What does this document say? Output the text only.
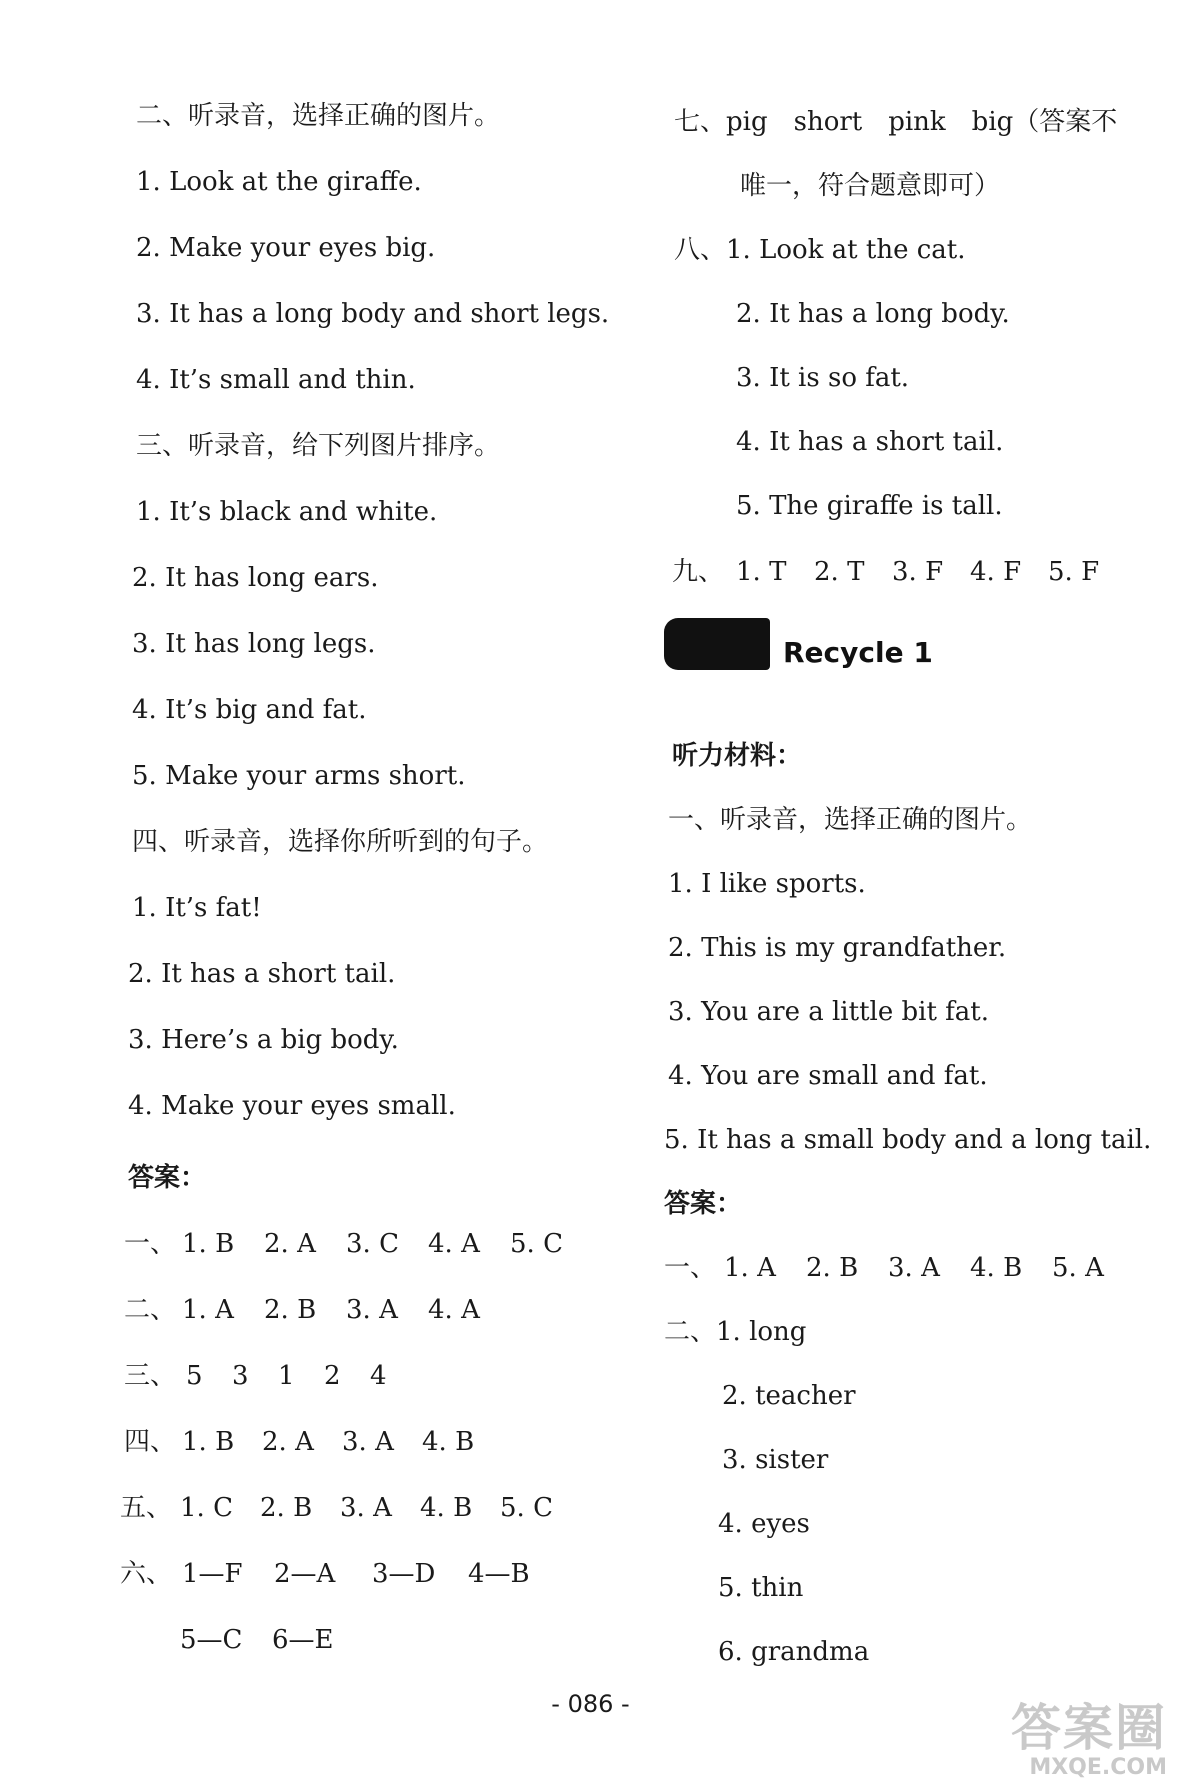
二、听录音，选择正确的图片。
1. Look at the giraffe.
2. Make your eyes big.
3. It has a long body and short legs.
4. It’s small and thin.
三、听录音，给下列图片排序。
1. It’s black and white.
2. It has long ears.
3. It has long legs.
4. It’s big and fat.
5. Make your arms short.
四、听录音，选择你所听到的句子。
1. It’s fat!
2. It has a short tail.
3. Here’s a big body.
4. Make your eyes small.
答案：
一、 1. B 2. A 3. C 4. A 5. C
二、 1. A 2. B 3. A 4. A
三、 5 3 1 2 4
四、 1. B 2. A 3. A 4. B
五、 1. C 2. B 3. A 4. B 5. C
六、 1—F 2—A 3—D 4—B
5—C 6—E
七、pig　short　pink　big（答案不
唯一，符合题意即可）
八、1. Look at the cat.
2. It has a long body.
3. It is so fat.
4. It has a short tail.
5. The giraffe is tall.
九、 1. T 2. T 3. F 4. F 5. F
Recycle 1
听力材料：
一、听录音，选择正确的图片。
1. I like sports.
2. This is my grandfather.
3. You are a little bit fat.
4. You are small and fat.
5. It has a small body and a long tail.
答案：
一、 1. A 2. B 3. A 4. B 5. A
二、1. long
2. teacher
3. sister
4. eyes
5. thin
6. grandma
- 086 -	答案圈
MXQE.COM
